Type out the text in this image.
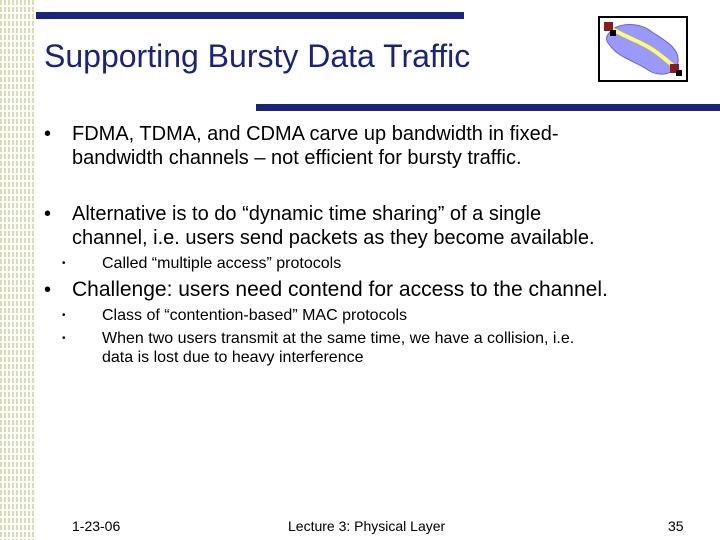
Supporting Bursty Data Traffic
• FDMA, TDMA, and CDMA carve up bandwidth in fixed-
bandwidth channels – not efficient for bursty traffic.
• Alternative is to do “dynamic time sharing” of a single
channel, i.e. users send packets as they become available.
• Called “multiple access” protocols
• Challenge: users need contend for access to the channel.
• Class of “contention-based” MAC protocols
• When two users transmit at the same time, we have a collision, i.e.
data is lost due to heavy interference
1-23-06	Lecture 3: Physical Layer	35
